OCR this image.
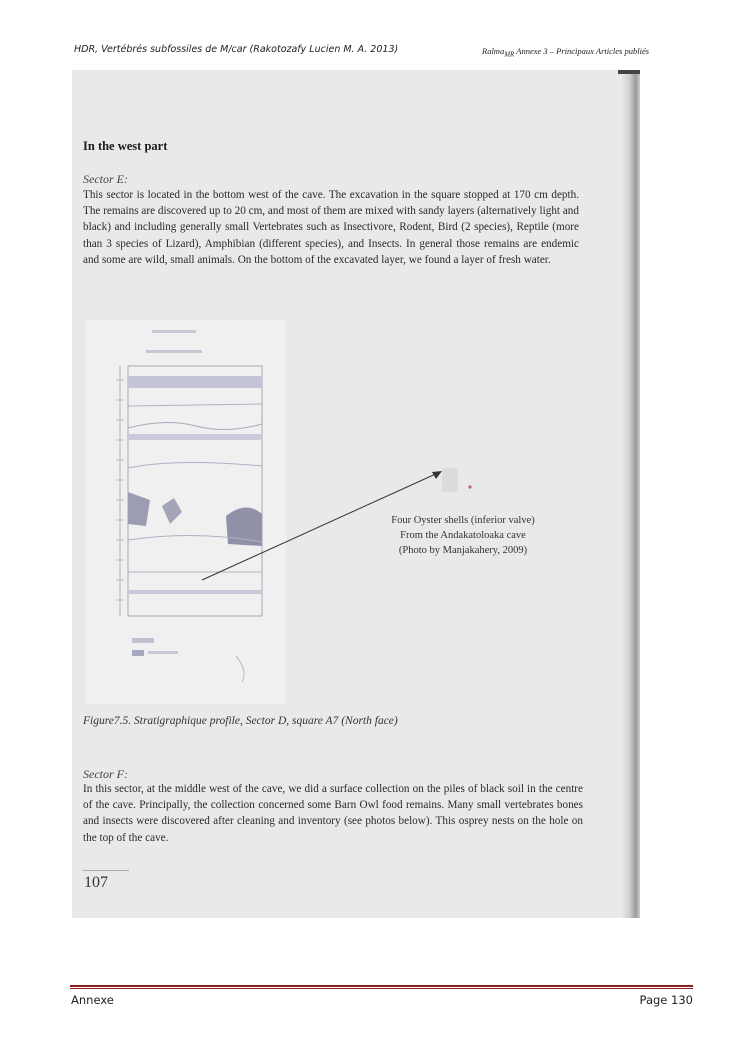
HDR, Vertébrés subfossiles de M/car (Rakotozafy Lucien M. A. 2013)	Ralma$_{MR}$ Annexe 3 – Principaux Articles publiés
In the west part
Sector E:

This sector is located in the bottom west of the cave. The excavation in the square stopped at 170 cm depth. The remains are discovered up to 20 cm, and most of them are mixed with sandy layers (alternatively light and black) and including generally small Vertebrates such as Insectivore, Rodent, Bird (2 species), Reptile (more than 3 species of Lizard), Amphibian (different species), and Insects. In general those remains are endemic and some are wild, small animals. On the bottom of the excavated layer, we found a layer of fresh water.

Four Oyster shells (inferior valve)
From the Andakatoloaka cave
(Photo by Manjakahery, 2009)
Figure7.5. Stratigraphique profile, Sector D, square A7 (North face)
Sector F:

In this sector, at the middle west of the cave, we did a surface collection on the piles of black soil in the centre of the cave. Principally, the collection concerned some Barn Owl food remains. Many small vertebrates bones and insects were discovered after cleaning and inventory (see photos below). This osprey nests on the hole on the top of the cave.

107
Annexe	Page 130
